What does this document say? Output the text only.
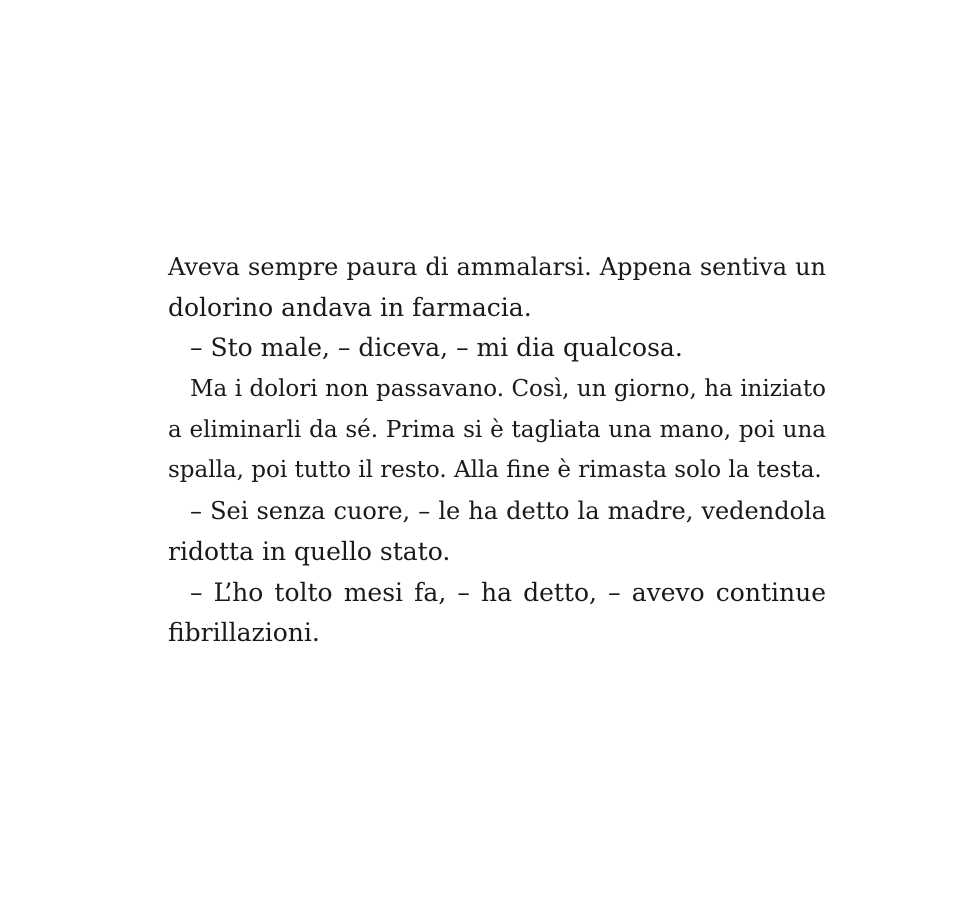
Aveva sempre paura di ammalarsi. Appena sentiva un
dolorino andava in farmacia.
– Sto male, – diceva, – mi dia qualcosa.
Ma i dolori non passavano. Così, un giorno, ha iniziato
a eliminarli da sé. Prima si è tagliata una mano, poi una
spalla, poi tutto il resto. Alla fine è rimasta solo la testa.
– Sei senza cuore, – le ha detto la madre, vedendola
ridotta in quello stato.
– L’ho tolto mesi fa, – ha detto, – avevo continue
fibrillazioni.
